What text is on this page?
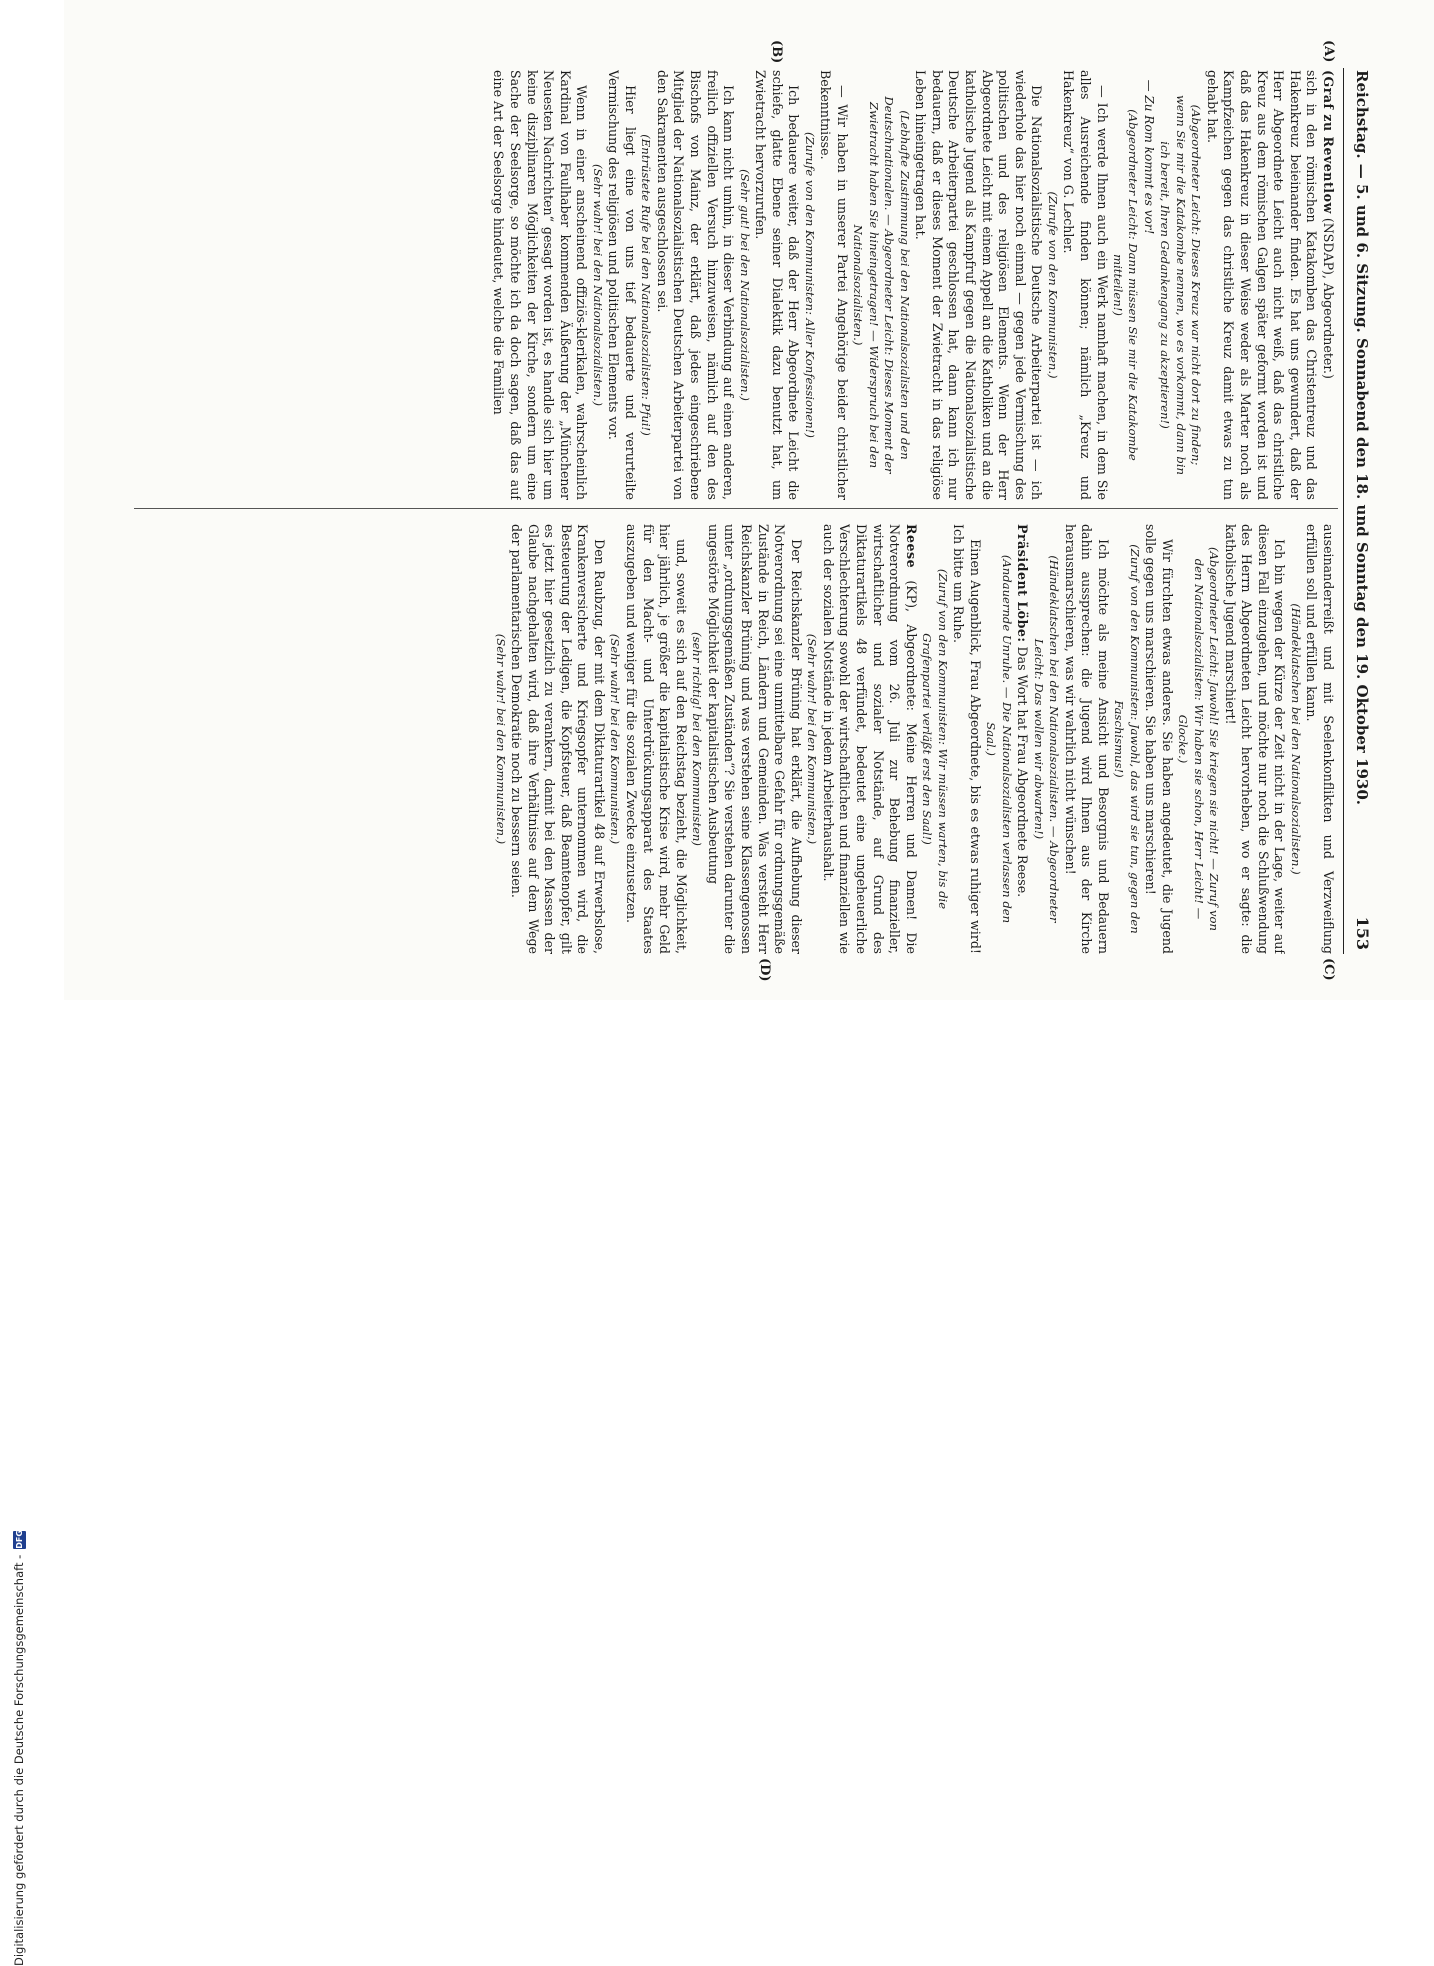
Reichstag. — 5. und 6. Sitzung. Sonnabend den 18. und Sonntag den 19. Oktober 1930.
153
(A)
(B)
(C)
(D)

(Graf zu Reventlow (NSDAP), Abgeordneter.)

sich in den römischen Katakomben das Christentreuz und das Hakenkreuz beieinander finden. Es hat uns gewundert, daß der Herr Abgeordnete Leicht auch nicht weiß, daß das christliche Kreuz aus dem römischen Galgen später geformt worden ist und daß das Hakenkreuz in dieser Weise weder als Marter noch als Kampfzeichen gegen das christliche Kreuz damit etwas zu tun gehabt hat.

(Abgeordneter Leicht: Dieses Kreuz war nicht dort zu finden; wenn Sie mir die Katakombe nennen, wo es vorkommt, dann bin ich bereit, Ihren Gedankengang zu akzeptieren!)

— Zu Rom kommt es vor!

(Abgeordneter Leicht: Dann müssen Sie mir die Katakombe mitteilen!)

— Ich werde Ihnen auch ein Werk namhaft machen, in dem Sie alles Ausreichende finden können; nämlich „Kreuz und Hakenkreuz“ von G. Lechler.

(Zurufe von den Kommunisten.)

Die Nationalsozialistische Deutsche Arbeiterpartei ist — ich wiederhole das hier noch einmal — gegen jede Vermischung des politischen und des religiösen Elements. Wenn der Herr Abgeordnete Leicht mit einem Appell an die Katholiken und an die katholische Jugend als Kampfruf gegen die Nationalsozialistische Deutsche Arbeiterpartei geschlossen hat, dann kann ich nur bedauern, daß er dieses Moment der Zwietracht in das religiöse Leben hineingetragen hat.

(Lebhafte Zustimmung bei den Nationalsozialisten und den Deutschnationalen. — Abgeordneter Leicht: Dieses Moment der Zwietracht haben Sie hineingetragen! — Widerspruch bei den Nationalsozialisten.)

— Wir haben in unserer Partei Angehörige beider christlicher Bekenntnisse.

(Zurufe von den Kommunisten: Aller Konfessionen!)

Ich bedauere weiter, daß der Herr Abgeordnete Leicht die schiefe, glatte Ebene seiner Dialektik dazu benutzt hat, um Zwietracht hervorzurufen.

(Sehr gut! bei den Nationalsozialisten.)

Ich kann nicht umhin, in dieser Verbindung auf einen anderen, freilich offiziellen Versuch hinzuweisen, nämlich auf den des Bischofs von Mainz, der erklärt, daß jedes eingeschriebene Mitglied der Nationalsozialistischen Deutschen Arbeiterpartei von den Sakramenten ausgeschlossen sei.

(Entrüstete Rufe bei den Nationalsozialisten: Pfui!)

Hier liegt eine von uns tief bedauerte und verurteilte Vermischung des religiösen und politischen Elements vor.

(Sehr wahr! bei den Nationalsozialisten.)

Wenn in einer anscheinend offiziös-klerikalen, wahrscheinlich Kardinal von Faulhaber kommenden Äußerung der „Münchener Neuesten Nachrichten“ gesagt worden ist, es handle sich hier um keine disziplinaren Möglichkeiten der Kirche, sondern um eine Sache der Seelsorge, so möchte ich da doch sagen, daß das auf eine Art der Seelsorge hindeutet, welche die Familien

auseinanderreißt und mit Seelenkonflikten und Verzweiflung erfüllen soll und erfüllen kann.

(Händeklatschen bei den Nationalsozialisten.)

Ich bin wegen der Kürze der Zeit nicht in der Lage, weiter auf diesen Fall einzugehen, und möchte nur noch die Schlußwendung des Herrn Abgeordneten Leicht hervorheben, wo er sagte: die katholische Jugend marschiert!

(Abgeordneter Leicht: Jawohl! Sie kriegen sie nicht! — Zuruf von den Nationalsozialisten: Wir haben sie schon, Herr Leicht! — Glocke.)

Wir fürchten etwas anderes. Sie haben angedeutet, die Jugend solle gegen uns marschieren. Sie haben uns marschieren!

(Zuruf von den Kommunisten: Jawohl, das wird sie tun, gegen den Faschismus!)

Ich möchte als meine Ansicht und Besorgnis und Bedauern dahin aussprechen: die Jugend wird Ihnen aus der Kirche herausmarschieren, was wir wahrlich nicht wünschen!

(Händeklatschen bei den Nationalsozialisten. — Abgeordneter Leicht: Das wollen wir abwarten!)

Präsident Löbe: Das Wort hat Frau Abgeordnete Reese.

(Andauernde Unruhe. — Die Nationalsozialisten verlassen den Saal.)

Einen Augenblick, Frau Abgeordnete, bis es etwas ruhiger wird! Ich bitte um Ruhe.

(Zuruf von den Kommunisten: Wir müssen warten, bis die Grafenpartei verläßt erst den Saal!)

Reese (KP), Abgeordnete: Meine Herren und Damen! Die Notverordnung vom 26. Juli zur Behebung finanzieller, wirtschaftlicher und sozialer Notstände, auf Grund des Diktaturartikels 48 verfündet, bedeutet eine ungeheuerliche Verschlechterung sowohl der wirtschaftlichen und finanziellen wie auch der sozialen Notstände in jedem Arbeiterhaushalt.

(Sehr wahr! bei den Kommunisten.)

Der Reichskanzler Brüning hat erklärt, die Aufhebung dieser Notverordnung sei eine unmittelbare Gefahr für ordnungsgemäße Zustände in Reich, Ländern und Gemeinden. Was versteht Herr Reichskanzler Brüning und was verstehen seine Klassengenossen unter „ordnungsgemäßen Zuständen“? Sie verstehen darunter die ungestörte Möglichkeit der kapitalistischen Ausbeutung

(sehr richtig! bei den Kommunisten)

und, soweit es sich auf den Reichstag bezieht, die Möglichkeit, hier jährlich, je größer die kapitalistische Krise wird, mehr Geld für den Macht- und Unterdrückungsapparat des Staates auszugeben und weniger für die sozialen Zwecke einzusetzen.

(Sehr wahr! bei den Kommunisten.)

Den Raubzug, der mit dem Diktaturartikel 48 auf Erwerbslose, Krankenversicherte und Kriegsopfer unternommen wird, die Besteuerung der Ledigen, die Kopfsteuer, daß Beamtenopfer, gilt es jetzt hier gesetzlich zu verankern, damit bei den Massen der Glaube nachgehalten wird, daß ihre Verhältnisse auf dem Wege der parlamentarischen Demokratie noch zu bessern seien.

(Sehr wahr! bei den Kommunisten.)

Digitalisierung gefördert durch die Deutsche Forschungsgemeinschaft -
DFG
